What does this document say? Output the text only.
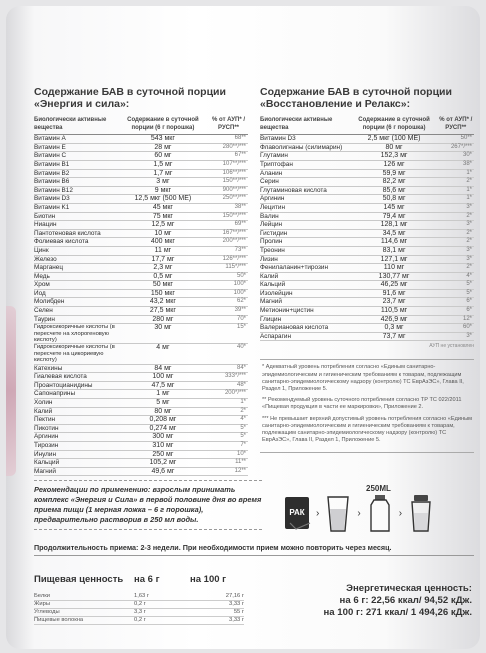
Содержание БАВ в суточной порции
«Энергия и сила»:
Биологически активные вещества	Содержание в суточной порции (6 г порошка)	% от АУП* / РУСП**
Витамин A	543 мкг	68**
Витамин E	28 мг	280**/***
Витамин C	60 мг	67**
Витамин B1	1,5 мг	107**/***
Витамин B2	1,7 мг	106**/***
Витамин B6	3 мг	150**/***
Витамин B12	9 мкг	900**/***
Витамин D3	12,5 мкг (500 МЕ)	250**/***
Витамин K1	45 мкг	38**
Биотин	75 мкг	150**/***
Ниацин	12,5 мг	69**
Пантотеновая кислота	10 мг	167**/***
Фолиевая кислота	400 мкг	200**/***
Цинк	11 мг	73**
Железо	17,7 мг	126**/***
Марганец	2,3 мг	115*/***
Медь	0,5 мг	50*
Хром	50 мкг	100*
Йод	150 мкг	100*
Молибден	43,2 мкг	62*
Селен	27,5 мкг	39**
Таурин	280 мг	70*
Гидроксикоричные кислоты (в пересчете на хлорогеновую кислоту)	30 мг	15*
Гидроксикоричные кислоты (в пересчете на цикориевую кислоту)	4 мг	40*
Катехины	84 мг	84*
Гиалевая кислота	100 мг	333*/***
Проантоцианидины	47,5 мг	48*
Сапонаприны	1 мг	200*/***
Холин	5 мг	1*
Калий	80 мг	2*
Пектин	0,208 мг	4*
Пикотин	0,274 мг	5*
Аргинин	300 мг	5*
Тирозин	310 мг	7*
Инулин	250 мг	10*
Кальций	105,2 мг	11**
Магний	49,6 мг	12**
Содержание БАВ в суточной порции
«Восстановление и Релакс»:
Биологически активные вещества	Содержание в суточной порции (6 г порошка)	% от АУП* / РУСП**
Витамин D3	2,5 мкг (100 МЕ)	50**
Флаволигнаны (силимарин)	80 мг	267*/***
Глутамин	152,3 мг	30*
Триптофан	126 мг	38*
Аланин	59,9 мг	1*
Серин	82,2 мг	2*
Глутаминовая кислота	85,6 мг	1*
Аргинин	50,8 мг	1*
Лецитин	145 мг	3*
Валин	79,4 мг	2*
Лейцин	128,1 мг	3*
Гистидин	34,5 мг	2*
Пролин	114,6 мг	2*
Треонин	83,1 мг	3*
Лизин	127,1 мг	3*
Фенилаланин+тирозин	110 мг	2*
Калий	130,77 мг	4*
Кальций	46,25 мг	5*
Изолейцин	91,6 мг	5*
Магний	23,7 мг	6*
Метионин+цистин	110,5 мг	6*
Глицин	426,9 мг	12*
Валериановая кислота	0,3 мг	60*
Аспарагин	73,7 мг	3*
АУП не установлен

* Адекватный уровень потребления согласно «Единым санитарно-эпидемиологическим и гигиеническим требованиям к товарам, подлежащим санитарно-эпидемиологическому надзору (контролю) ТС ЕврАзЭС», Глава II, Раздел 1, Приложение 5.

** Рекомендуемый уровень суточного потребления согласно ТР ТС 022/2011 «Пищевая продукция в части ее маркировки», Приложение 2.

*** Не превышает верхний допустимый уровень потребления согласно «Единым санитарно-эпидемиологическим и гигиеническим требованиям к товарам, подлежащим санитарно-эпидемиологическому надзору (контролю) ТС ЕврАзЭС», Глава II, Раздел 1, Приложение 5.

Рекомендации по применению: взрослым принимать комплекс «Энергия и Сила» в первой половине дня во время приема пищи (1 мерная ложка – 6 г порошка), предварительно растворив в 250 мл воды.
РАК ›	›	›
250ML
Продолжительность приема: 2-3 недели. При необходимости прием можно повторить через месяц.
Пищевая ценность	на 6 г	на 100 г
Белки	1,63 г	27,16 г
Жиры	0,2 г	3,33 г
Углеводы	3,3 г	55 г
Пищевые волокна	0,2 г	3,33 г
Энергетическая ценность:
на 6 г: 22,56 ккал/ 94,52 кДж.
на 100 г: 271 ккал/ 1 494,26 кДж.
